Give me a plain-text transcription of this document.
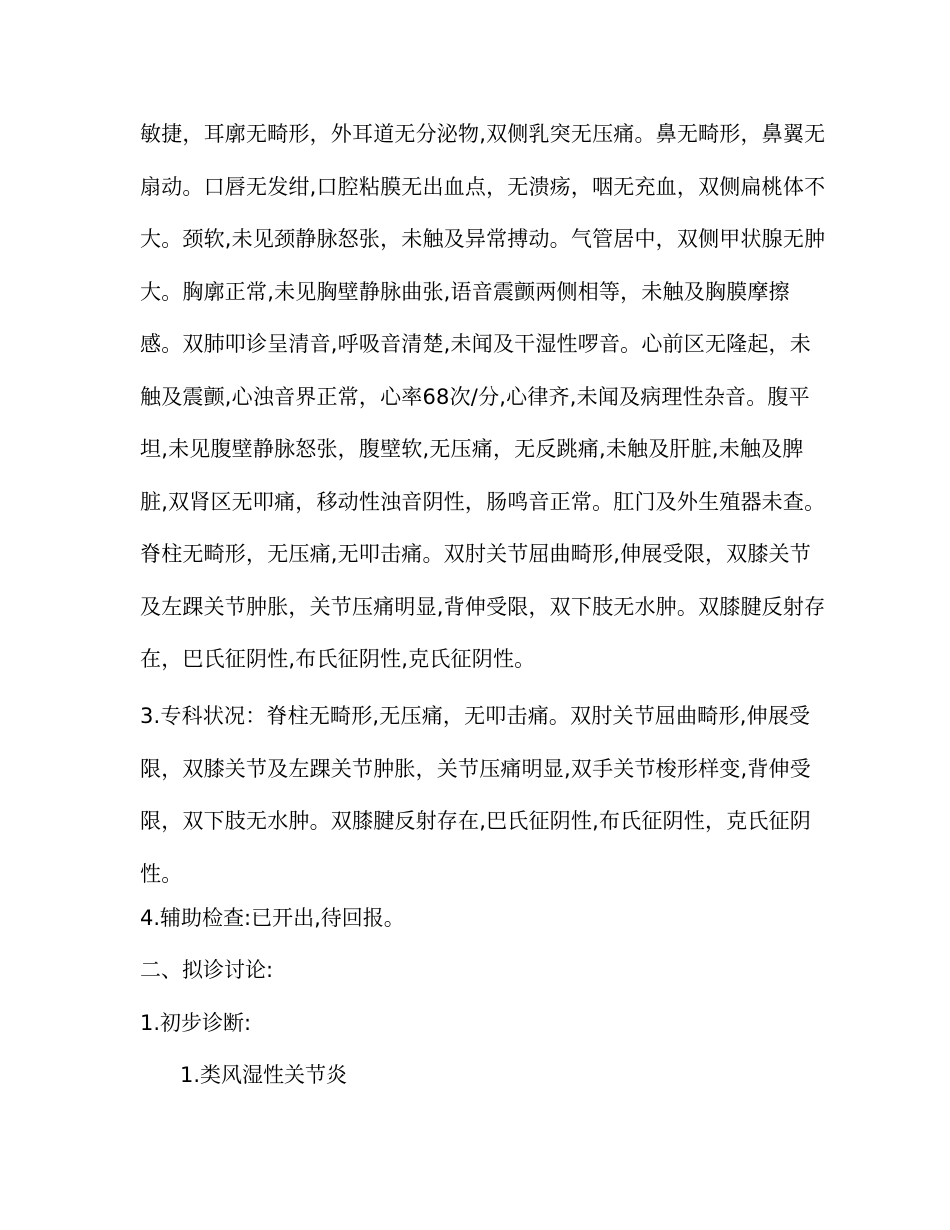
敏捷，耳廓无畸形，外耳道无分泌物,双侧乳突无压痛。鼻无畸形，鼻翼无扇动。口唇无发绀,口腔粘膜无出血点，无溃疡，咽无充血，双侧扁桃体不大。颈软,未见颈静脉怒张，未触及异常搏动。气管居中，双侧甲状腺无肿大。胸廓正常,未见胸壁静脉曲张,语音震颤两侧相等，未触及胸膜摩擦感。双肺叩诊呈清音,呼吸音清楚,未闻及干湿性啰音。心前区无隆起，未触及震颤,心浊音界正常，心率68次/分,心律齐,未闻及病理性杂音。腹平坦,未见腹壁静脉怒张，腹壁软,无压痛，无反跳痛,未触及肝脏,未触及脾脏,双肾区无叩痛，移动性浊音阴性，肠鸣音正常。肛门及外生殖器未查。脊柱无畸形，无压痛,无叩击痛。双肘关节屈曲畸形,伸展受限，双膝关节及左踝关节肿胀，关节压痛明显,背伸受限，双下肢无水肿。双膝腱反射存在，巴氏征阴性,布氏征阴性,克氏征阴性。

3.专科状况：脊柱无畸形,无压痛，无叩击痛。双肘关节屈曲畸形,伸展受限，双膝关节及左踝关节肿胀，关节压痛明显,双手关节梭形样变,背伸受限，双下肢无水肿。双膝腱反射存在,巴氏征阴性,布氏征阴性，克氏征阴性。

4.辅助检查:已开出,待回报。

二、拟诊讨论:

1.初步诊断:

1.类风湿性关节炎
